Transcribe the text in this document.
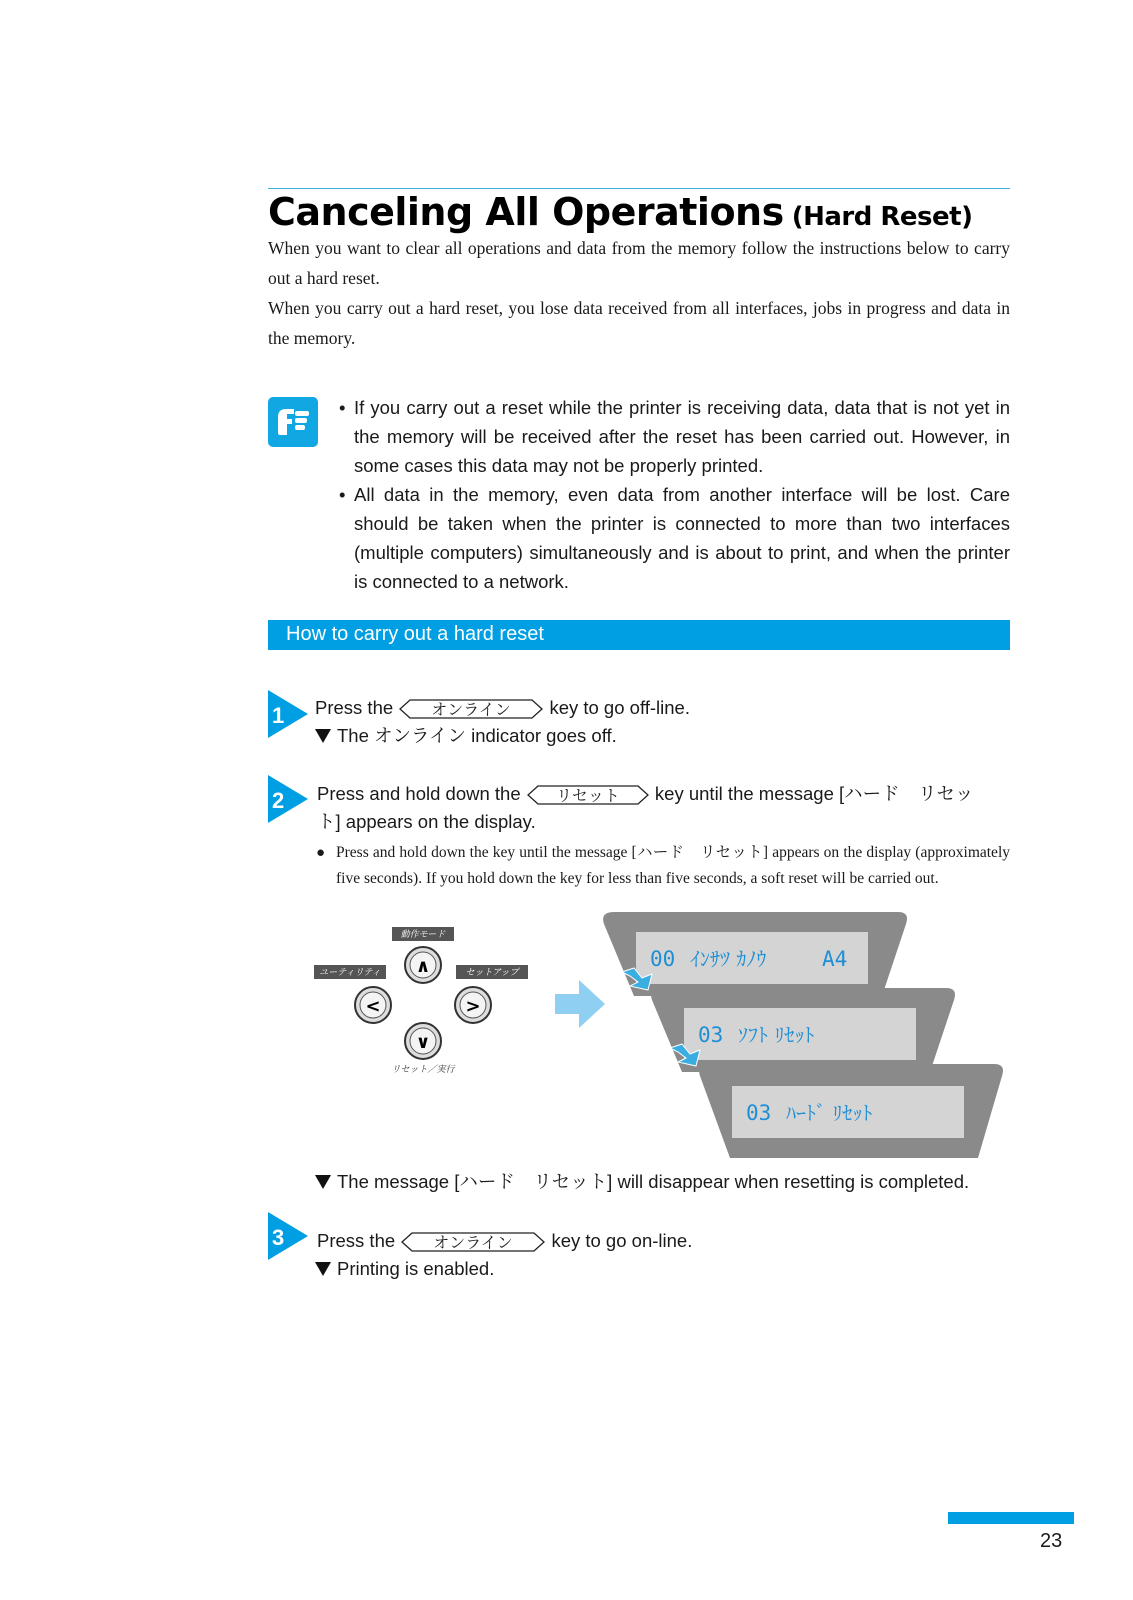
Canceling All Operations (Hard Reset)

When you want to clear all operations and data from the memory follow the instructions below to carry out a hard reset.

When you carry out a hard reset, you lose data received from all interfaces, jobs in progress and data in the memory.

• If you carry out a reset while the printer is receiving data, data that is not yet in the memory will be received after the reset has been carried out. However, in some cases this data may not be properly printed.
• All data in the memory, even data from another interface will be lost. Care should be taken when the printer is connected to more than two interfaces (multiple computers) simultaneously and is about to print, and when the printer is connected to a network.
How to carry out a hard reset
1 Press the オンライン key to go off-line.
The オンライン indicator goes off.
2 Press and hold down the リセット key until the message [ハード　リセッ
ト] appears on the display.

● Press and hold down the key until the message [ハード　リセット] appears on the display (approximately five seconds). If you hold down the key for less than five seconds, a soft reset will be carried out.

動作モード
ユーティリティ	セットアップ
∧
<	>
∨
リセット／実行
00 ｲﾝｻﾂ ｶﾉｳ	A4
03 ｿﾌﾄ ﾘｾｯﾄ
03 ﾊｰﾄﾞ ﾘｾｯﾄ
The message [ハード　リセット] will disappear when resetting is completed.
3 Press the オンライン key to go on-line.
Printing is enabled.
23
